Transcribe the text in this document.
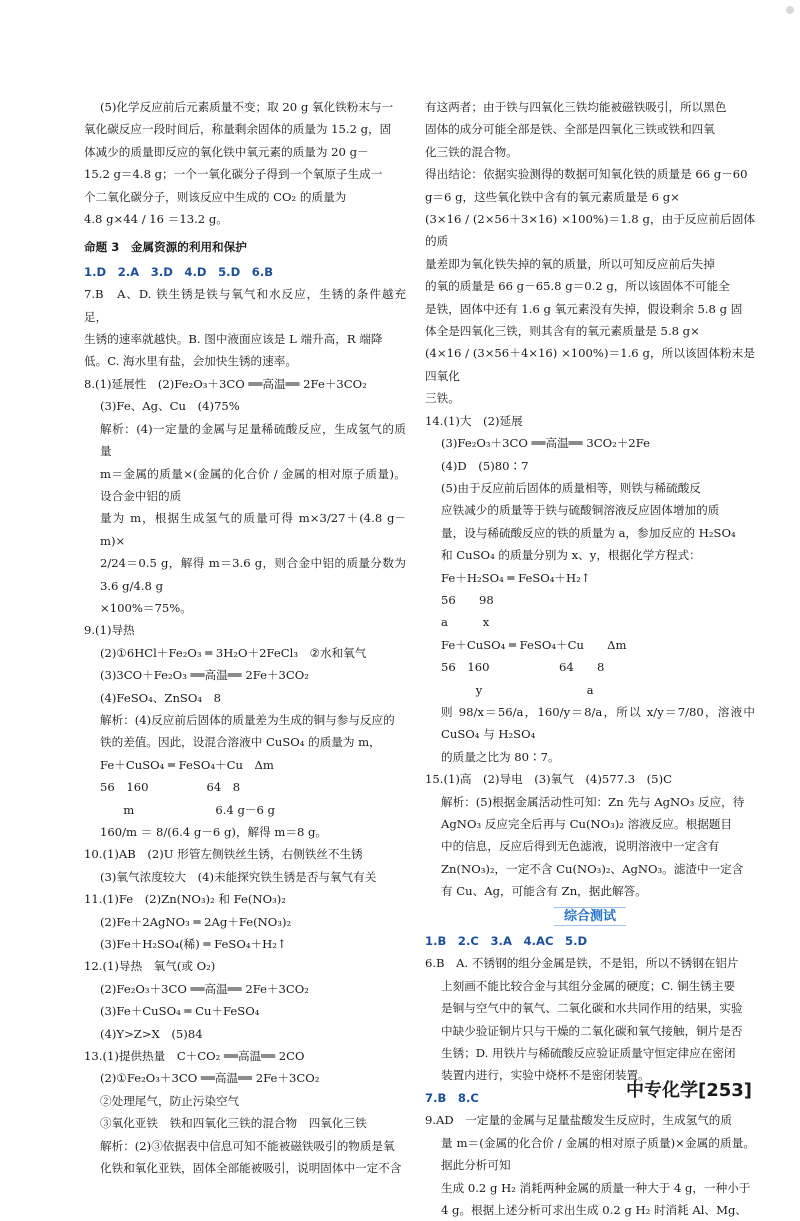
(5)化学反应前后元素质量不变；取 20 g 氧化铁粉末与一

氧化碳反应一段时间后，称量剩余固体的质量为 15.2 g，固

体减少的质量即反应的氧化铁中氧元素的质量为 20 g－

15.2 g＝4.8 g；一个一氧化碳分子得到一个氧原子生成一

个二氧化碳分子，则该反应中生成的 CO₂ 的质量为

4.8 g×44 / 16 ＝13.2 g。

命题 3　金属资源的利用和保护

1.D　2.A　3.D　4.D　5.D　6.B

7.B　A、D. 铁生锈是铁与氧气和水反应，生锈的条件越充足，

生锈的速率就越快。B. 图中液面应该是 L 端升高，R 端降

低。C. 海水里有盐，会加快生锈的速率。

8.(1)延展性　(2)Fe₂O₃＋3CO ══高温══ 2Fe＋3CO₂

(3)Fe、Ag、Cu　(4)75%

解析：(4)一定量的金属与足量稀硫酸反应，生成氢气的质量

m＝金属的质量×(金属的化合价 / 金属的相对原子质量)。设合金中铝的质

量为 m，根据生成氢气的质量可得 m×3/27＋(4.8 g－m)×

2/24＝0.5 g，解得 m＝3.6 g，则合金中铝的质量分数为 3.6 g/4.8 g

×100%＝75%。

9.(1)导热

(2)①6HCl＋Fe₂O₃ ═ 3H₂O＋2FeCl₃　②水和氧气

(3)3CO＋Fe₂O₃ ══高温══ 2Fe＋3CO₂

(4)FeSO₄、ZnSO₄　8

解析：(4)反应前后固体的质量差为生成的铜与参与反应的

铁的差值。因此，设混合溶液中 CuSO₄ 的质量为 m，

Fe＋CuSO₄ ═ FeSO₄＋Cu　Δm

56　160　　　　　64　8

　　m　　　　　　　6.4 g－6 g

160/m ＝ 8/(6.4 g－6 g)，解得 m＝8 g。

10.(1)AB　(2)U 形管左侧铁丝生锈，右侧铁丝不生锈

(3)氧气浓度较大　(4)未能探究铁生锈是否与氧气有关

11.(1)Fe　(2)Zn(NO₃)₂ 和 Fe(NO₃)₂

(2)Fe＋2AgNO₃ ═ 2Ag＋Fe(NO₃)₂

(3)Fe＋H₂SO₄(稀) ═ FeSO₄＋H₂↑

12.(1)导热　氧气(或 O₂)

(2)Fe₂O₃＋3CO ══高温══ 2Fe＋3CO₂

(3)Fe＋CuSO₄ ═ Cu＋FeSO₄

(4)Y>Z>X　(5)84

13.(1)提供热量　C＋CO₂ ══高温══ 2CO

(2)①Fe₂O₃＋3CO ══高温══ 2Fe＋3CO₂

②处理尾气，防止污染空气

③氧化亚铁　铁和四氧化三铁的混合物　四氧化三铁

解析：(2)③依据表中信息可知不能被磁铁吸引的物质是氧

化铁和氧化亚铁，固体全部能被吸引，说明固体中一定不含

有这两者；由于铁与四氧化三铁均能被磁铁吸引，所以黑色

固体的成分可能全部是铁、全部是四氧化三铁或铁和四氧

化三铁的混合物。

得出结论：依据实验测得的数据可知氧化铁的质量是 66 g－60

g＝6 g，这些氧化铁中含有的氧元素质量是 6 g×

(3×16 / (2×56＋3×16) ×100%)＝1.8 g，由于反应前后固体的质

量差即为氧化铁失掉的氧的质量，所以可知反应前后失掉

的氧的质量是 66 g－65.8 g＝0.2 g，所以该固体不可能全

是铁，固体中还有 1.6 g 氧元素没有失掉，假设剩余 5.8 g 固

体全是四氧化三铁，则其含有的氧元素质量是 5.8 g×

(4×16 / (3×56＋4×16) ×100%)＝1.6 g，所以该固体粉末是四氧化

三铁。

14.(1)大　(2)延展

(3)Fe₂O₃＋3CO ══高温══ 3CO₂＋2Fe

(4)D　(5)80∶7

(5)由于反应前后固体的质量相等，则铁与稀硫酸反

应铁减少的质量等于铁与硫酸铜溶液反应固体增加的质

量，设与稀硫酸反应的铁的质量为 a，参加反应的 H₂SO₄

和 CuSO₄ 的质量分别为 x、y，根据化学方程式：

Fe＋H₂SO₄ ═ FeSO₄＋H₂↑

56　　98

a　　　x

Fe＋CuSO₄ ═ FeSO₄＋Cu　　Δm

56　160　　　　　　64　　8

　　　y　　　　　　　　　a

则 98/x＝56/a，160/y＝8/a，所以 x/y＝7/80，溶液中 CuSO₄ 与 H₂SO₄

的质量之比为 80∶7。

15.(1)高　(2)导电　(3)氧气　(4)577.3　(5)C

解析：(5)根据金属活动性可知：Zn 先与 AgNO₃ 反应，待

AgNO₃ 反应完全后再与 Cu(NO₃)₂ 溶液反应。根据题目

中的信息，反应后得到无色滤液，说明溶液中一定含有

Zn(NO₃)₂，一定不含 Cu(NO₃)₂、AgNO₃。滤渣中一定含

有 Cu、Ag，可能含有 Zn，据此解答。

综合测试

1.B　2.C　3.A　4.AC　5.D

6.B　A. 不锈钢的组分金属是铁，不是铝，所以不锈钢在铝片

上刻画不能比较合金与其组分金属的硬度；C. 铜生锈主要

是铜与空气中的氧气、二氧化碳和水共同作用的结果，实验

中缺少验证铜片只与干燥的二氧化碳和氧气接触，铜片是否

生锈；D. 用铁片与稀硫酸反应验证质量守恒定律应在密闭

装置内进行，实验中烧杯不是密闭装置。

7.B　8.C

9.AD　一定量的金属与足量盐酸发生反应时，生成氢气的质

量 m＝(金属的化合价 / 金属的相对原子质量)×金属的质量。据此分析可知

生成 0.2 g H₂ 消耗两种金属的质量一种大于 4 g，一种小于

4 g。根据上述分析可求出生成 0.2 g H₂ 时消耗 Al、Mg、

中专化学[253]
